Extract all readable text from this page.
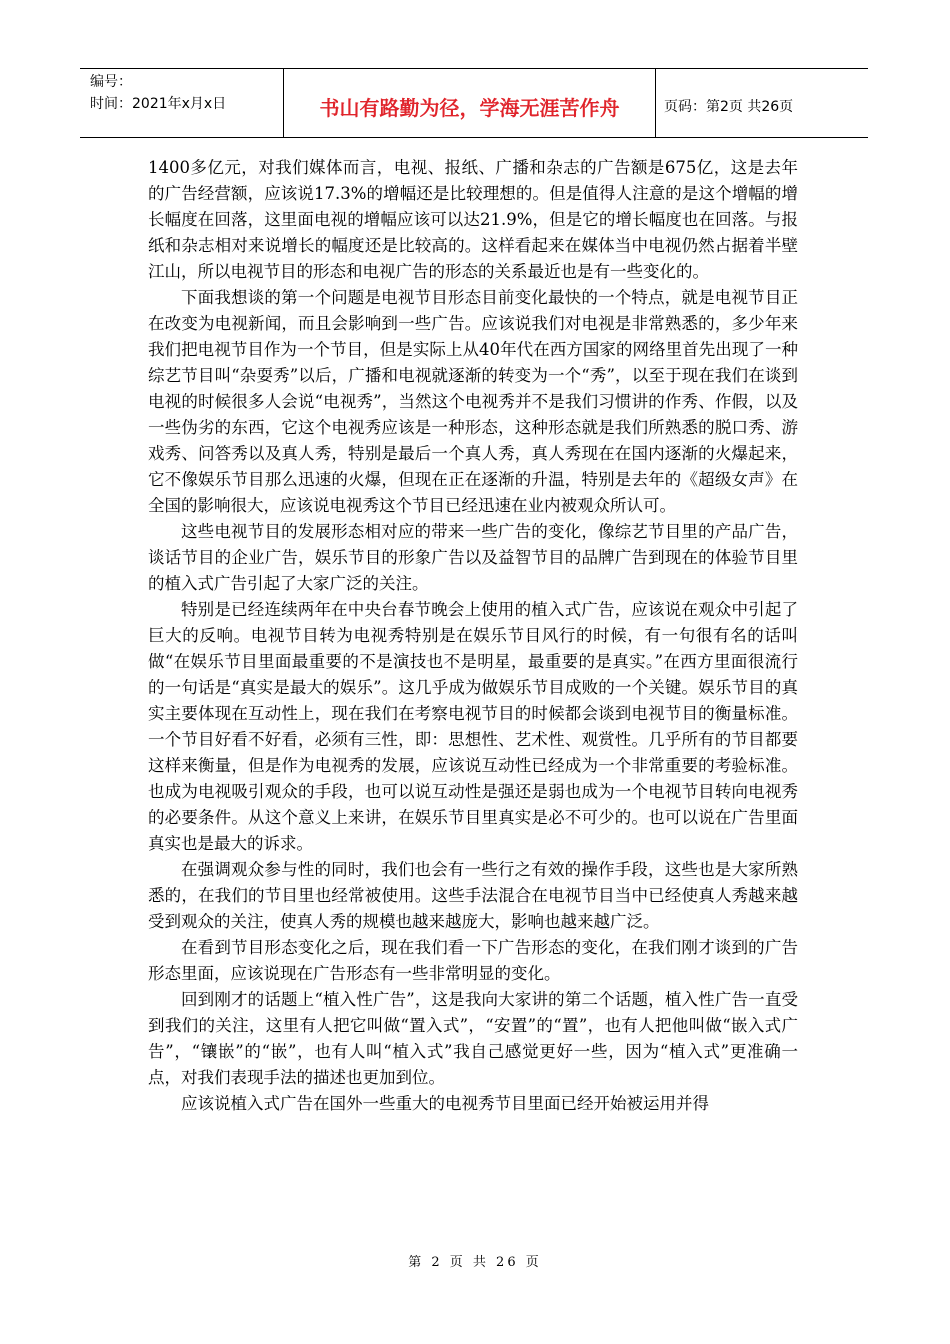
编号：
时间：2021年x月x日	书山有路勤为径，学海无涯苦作舟	页码：第2页 共26页

1400多亿元，对我们媒体而言，电视、报纸、广播和杂志的广告额是675亿，这是去年的广告经营额，应该说17.3%的增幅还是比较理想的。但是值得人注意的是这个增幅的增长幅度在回落，这里面电视的增幅应该可以达21.9%，但是它的增长幅度也在回落。与报纸和杂志相对来说增长的幅度还是比较高的。这样看起来在媒体当中电视仍然占据着半壁江山，所以电视节目的形态和电视广告的形态的关系最近也是有一些变化的。

下面我想谈的第一个问题是电视节目形态目前变化最快的一个特点，就是电视节目正在改变为电视新闻，而且会影响到一些广告。应该说我们对电视是非常熟悉的，多少年来我们把电视节目作为一个节目，但是实际上从40年代在西方国家的网络里首先出现了一种综艺节目叫“杂耍秀”以后，广播和电视就逐渐的转变为一个“秀”，以至于现在我们在谈到电视的时候很多人会说“电视秀”，当然这个电视秀并不是我们习惯讲的作秀、作假，以及一些伪劣的东西，它这个电视秀应该是一种形态，这种形态就是我们所熟悉的脱口秀、游戏秀、问答秀以及真人秀，特别是最后一个真人秀，真人秀现在在国内逐渐的火爆起来，它不像娱乐节目那么迅速的火爆，但现在正在逐渐的升温，特别是去年的《超级女声》在全国的影响很大，应该说电视秀这个节目已经迅速在业内被观众所认可。

这些电视节目的发展形态相对应的带来一些广告的变化，像综艺节目里的产品广告，谈话节目的企业广告，娱乐节目的形象广告以及益智节目的品牌广告到现在的体验节目里的植入式广告引起了大家广泛的关注。

特别是已经连续两年在中央台春节晚会上使用的植入式广告，应该说在观众中引起了巨大的反响。电视节目转为电视秀特别是在娱乐节目风行的时候，有一句很有名的话叫做“在娱乐节目里面最重要的不是演技也不是明星，最重要的是真实。”在西方里面很流行的一句话是“真实是最大的娱乐”。这几乎成为做娱乐节目成败的一个关键。娱乐节目的真实主要体现在互动性上，现在我们在考察电视节目的时候都会谈到电视节目的衡量标准。一个节目好看不好看，必须有三性，即：思想性、艺术性、观赏性。几乎所有的节目都要这样来衡量，但是作为电视秀的发展，应该说互动性已经成为一个非常重要的考验标准。也成为电视吸引观众的手段，也可以说互动性是强还是弱也成为一个电视节目转向电视秀的必要条件。从这个意义上来讲，在娱乐节目里真实是必不可少的。也可以说在广告里面真实也是最大的诉求。

在强调观众参与性的同时，我们也会有一些行之有效的操作手段，这些也是大家所熟悉的，在我们的节目里也经常被使用。这些手法混合在电视节目当中已经使真人秀越来越受到观众的关注，使真人秀的规模也越来越庞大，影响也越来越广泛。

在看到节目形态变化之后，现在我们看一下广告形态的变化，在我们刚才谈到的广告形态里面，应该说现在广告形态有一些非常明显的变化。

回到刚才的话题上“植入性广告”，这是我向大家讲的第二个话题，植入性广告一直受到我们的关注，这里有人把它叫做“置入式”，“安置”的“置”，也有人把他叫做“嵌入式广告”，“镶嵌”的“嵌”，也有人叫“植入式”我自己感觉更好一些，因为“植入式”更准确一点，对我们表现手法的描述也更加到位。

应该说植入式广告在国外一些重大的电视秀节目里面已经开始被运用并得

第 2 页 共 26 页
